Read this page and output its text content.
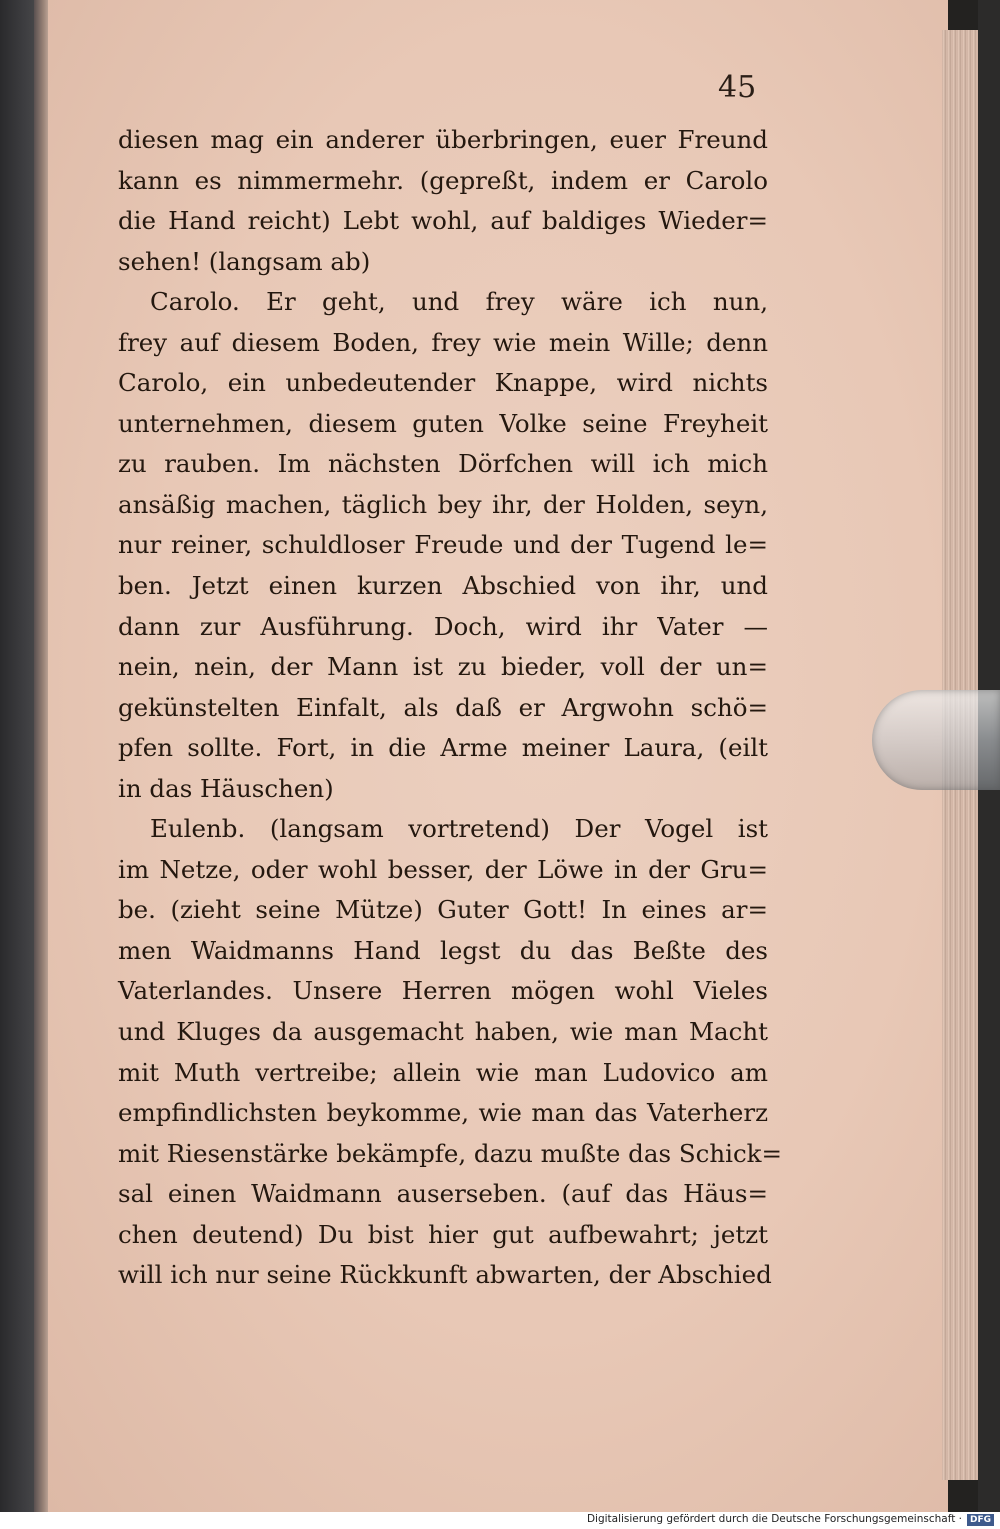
45
diesen mag ein anderer überbringen, euer Freund
kann es nimmermehr. (gepreßt, indem er Carolo
die Hand reicht) Lebt wohl, auf baldiges Wieder=
sehen! (langsam ab)
Carolo. Er geht, und frey wäre ich nun,
frey auf diesem Boden, frey wie mein Wille; denn
Carolo, ein unbedeutender Knappe, wird nichts
unternehmen, diesem guten Volke seine Freyheit
zu rauben. Im nächsten Dörfchen will ich mich
ansäßig machen, täglich bey ihr, der Holden, seyn,
nur reiner, schuldloser Freude und der Tugend le=
ben. Jetzt einen kurzen Abschied von ihr, und
dann zur Ausführung. Doch, wird ihr Vater —
nein, nein, der Mann ist zu bieder, voll der un=
gekünstelten Einfalt, als daß er Argwohn schö=
pfen sollte. Fort, in die Arme meiner Laura, (eilt
in das Häuschen)
Eulenb. (langsam vortretend) Der Vogel ist
im Netze, oder wohl besser, der Löwe in der Gru=
be. (zieht seine Mütze) Guter Gott! In eines ar=
men Waidmanns Hand legst du das Beßte des
Vaterlandes. Unsere Herren mögen wohl Vieles
und Kluges da ausgemacht haben, wie man Macht
mit Muth vertreibe; allein wie man Ludovico am
empfindlichsten beykomme, wie man das Vaterherz
mit Riesenstärke bekämpfe, dazu mußte das Schick=
sal einen Waidmann auserseben. (auf das Häus=
chen deutend) Du bist hier gut aufbewahrt; jetzt
will ich nur seine Rückkunft abwarten, der Abschied
Digitalisierung gefördert durch die Deutsche Forschungsgemeinschaft · DFG
